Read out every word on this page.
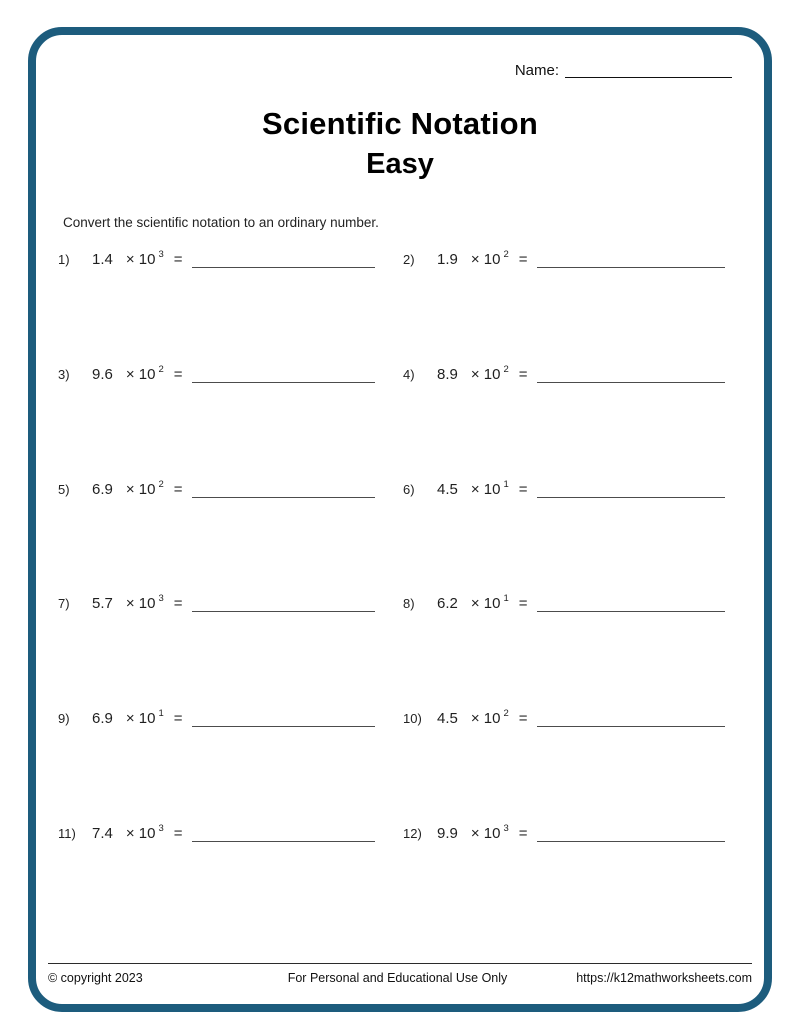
Name:
Scientific Notation
Easy
Convert the scientific notation to an ordinary number.
1)	1.4 × 10 $^3$ =	2)	1.9 × 10 $^2$ =
3)	9.6 × 10 $^2$ =	4)	8.9 × 10 $^2$ =
5)	6.9 × 10 $^2$ =	6)	4.5 × 10 $^1$ =
7)	5.7 × 10 $^3$ =	8)	6.2 × 10 $^1$ =
9)	6.9 × 10 $^1$ =	10)	4.5 × 10 $^2$ =
11)	7.4 × 10 $^3$ =	12)	9.9 × 10 $^3$ =
© copyright 2023	For Personal and Educational Use Only	https://k12mathworksheets.com
